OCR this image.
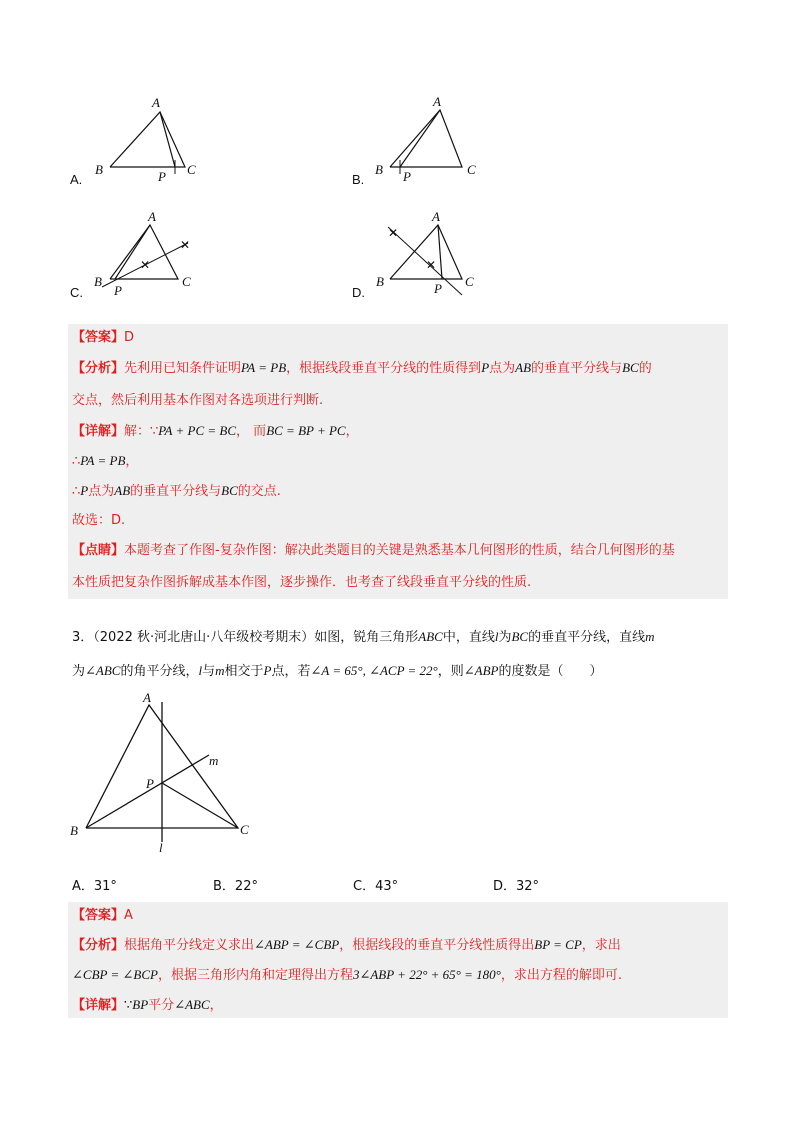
A
B	C
P
A.
A
B	C
P
B.
✕
✕
A
B	C
P
C.
✕
✕
A
B	C
P
D.
【答案】D
【分析】先利用已知条件证明PA = PB，根据线段垂直平分线的性质得到P点为AB的垂直平分线与BC的
交点，然后利用基本作图对各选项进行判断.
【详解】解：∵PA + PC = BC， 而BC = BP + PC，
∴PA = PB，
∴P点为AB的垂直平分线与BC的交点.
故选：D.
【点睛】本题考查了作图-复杂作图：解决此类题目的关键是熟悉基本几何图形的性质，结合几何图形的基
本性质把复杂作图拆解成基本作图，逐步操作．也考查了线段垂直平分线的性质.
3．（2022 秋·河北唐山·八年级校考期末）如图，锐角三角形ABC中，直线l为BC的垂直平分线，直线m
为∠ABC的角平分线，l与m相交于P点，若∠A = 65°, ∠ACP = 22°，则∠ABP的度数是（　　）
A
B	C
P
m
l
A．31°	B．22°	C．43°	D．32°
【答案】A
【分析】根据角平分线定义求出∠ABP = ∠CBP，根据线段的垂直平分线性质得出BP = CP，求出
∠CBP = ∠BCP，根据三角形内角和定理得出方程3∠ABP + 22° + 65° = 180°，求出方程的解即可.
【详解】∵BP平分∠ABC，
